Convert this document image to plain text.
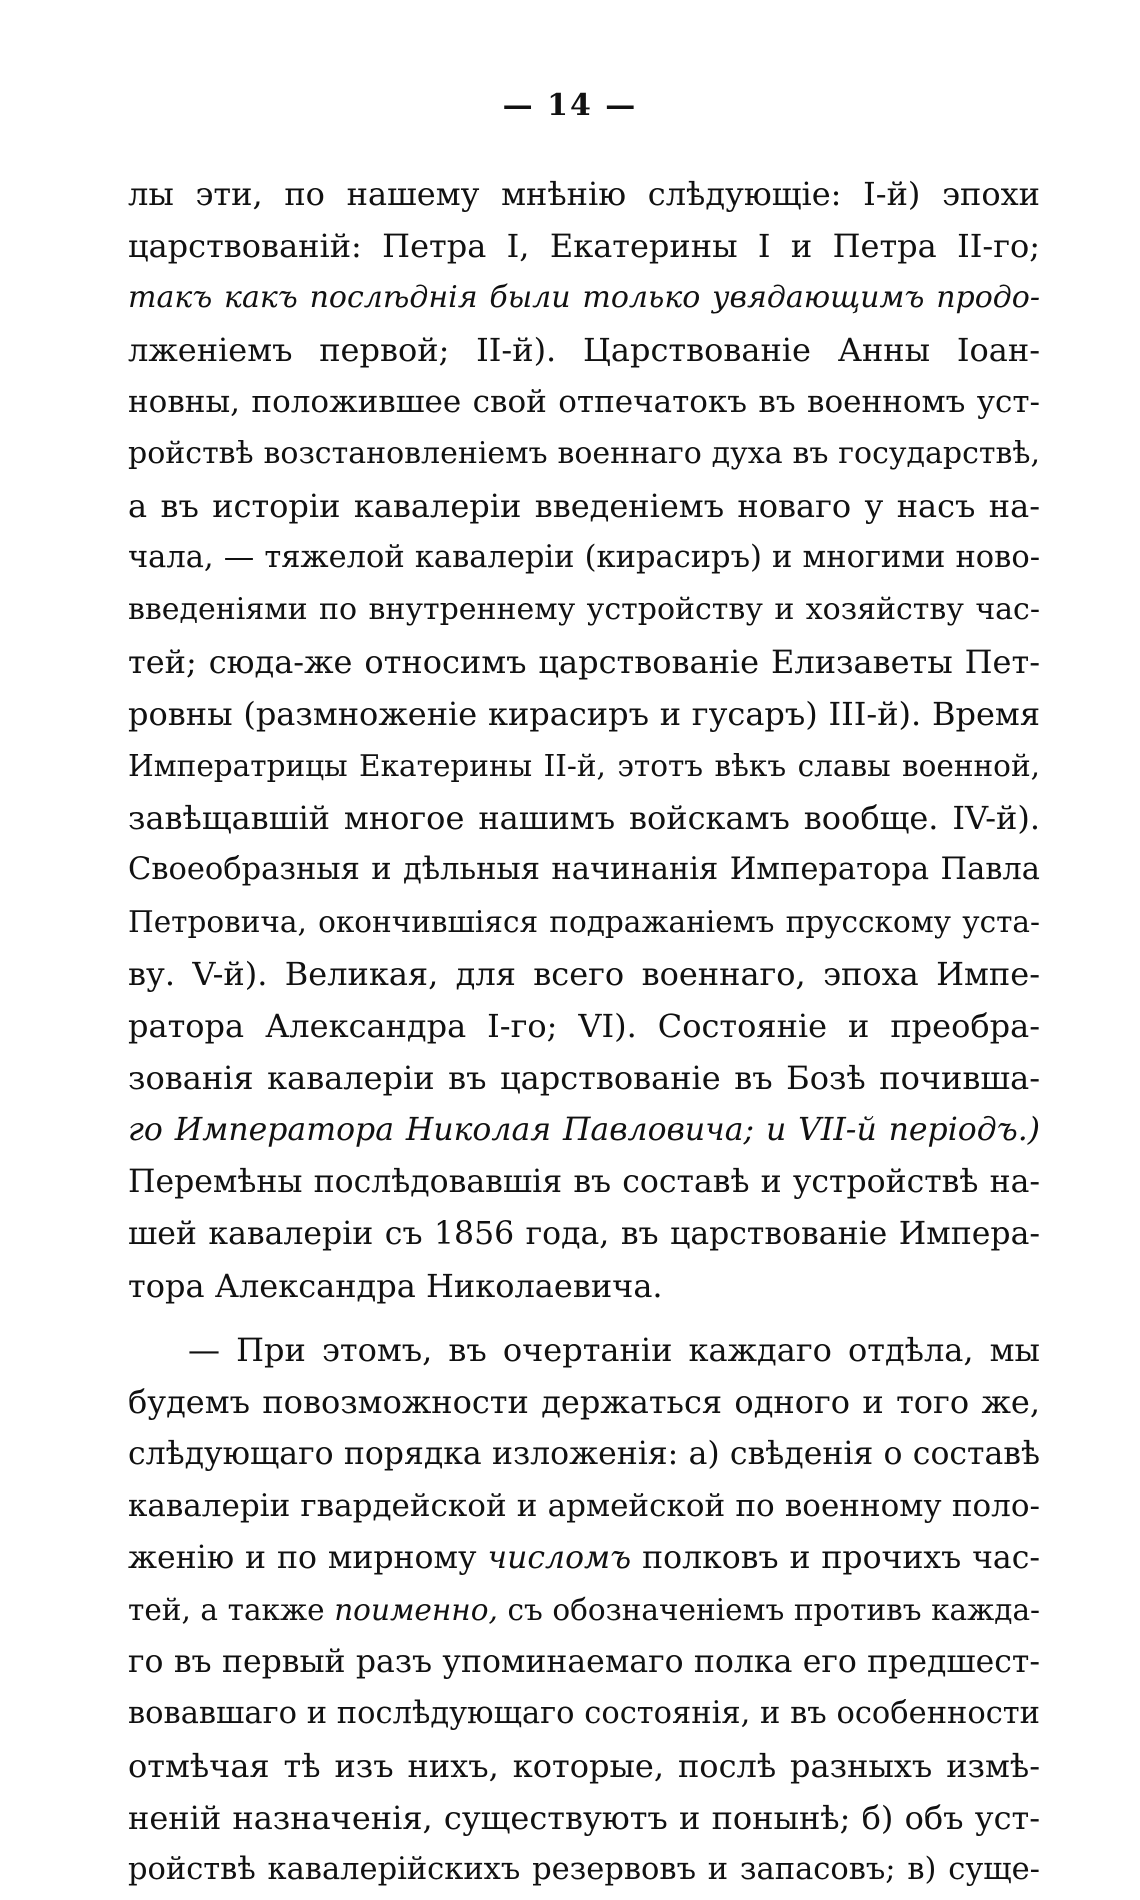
— 14 —
лы эти, по нашему мнѣнію слѣдующіе: І-й) эпохи
царствованій: Петра І, Екатерины І и Петра II-го;
такъ какъ послѣднія были только увядающимъ продо-
лженіемъ первой; II-й). Царствованіе Анны Іоан-
новны, положившее свой отпечатокъ въ военномъ уст-
ройствѣ возстановленіемъ военнаго духа въ государствѣ,
а въ исторіи кавалеріи введеніемъ новаго у насъ на-
чала, — тяжелой кавалеріи (кирасиръ) и многими ново-
введеніями по внутреннему устройству и хозяйству час-
тей; сюда-же относимъ царствованіе Елизаветы Пет-
ровны (размноженіе кирасиръ и гусаръ) III-й). Время
Императрицы Екатерины II-й, этотъ вѣкъ славы военной,
завѣщавшій многое нашимъ войскамъ вообще. IV-й).
Своеобразныя и дѣльныя начинанія Императора Павла
Петровича, окончившіяся подражаніемъ прусскому уста-
ву. V-й). Великая, для всего военнаго, эпоха Импе-
ратора Александра І-го; VI). Состояніе и преобра-
зованія кавалеріи въ царствованіе въ Бозѣ почившa-
го Императора Николая Павловича; и VII-й періодъ.)
Перемѣны послѣдовавшія въ составѣ и устройствѣ на-
шей кавалеріи съ 1856 года, въ царствованіе Импера-
тора Александра Николаевича.
— При этомъ, въ очертаніи каждаго отдѣла, мы
будемъ повозможности держаться одного и того же,
слѣдующаго порядка изложенія: а) свѣденія о составѣ
кавалеріи гвардейской и армейской по военному поло-
женію и по мирному числомъ полковъ и прочихъ час-
тей, а также поименно, съ обозначеніемъ противъ кажда-
го въ первый разъ упоминаемаго полка его предшест-
вовавшаго и послѣдующаго состоянія, и въ особенности
отмѣчая тѣ изъ нихъ, которые, послѣ разныхъ измѣ-
неній назначенія, существуютъ и понынѣ; б) объ уст-
ройствѣ кавалерійскихъ резервовъ и запасовъ; в) суще-
